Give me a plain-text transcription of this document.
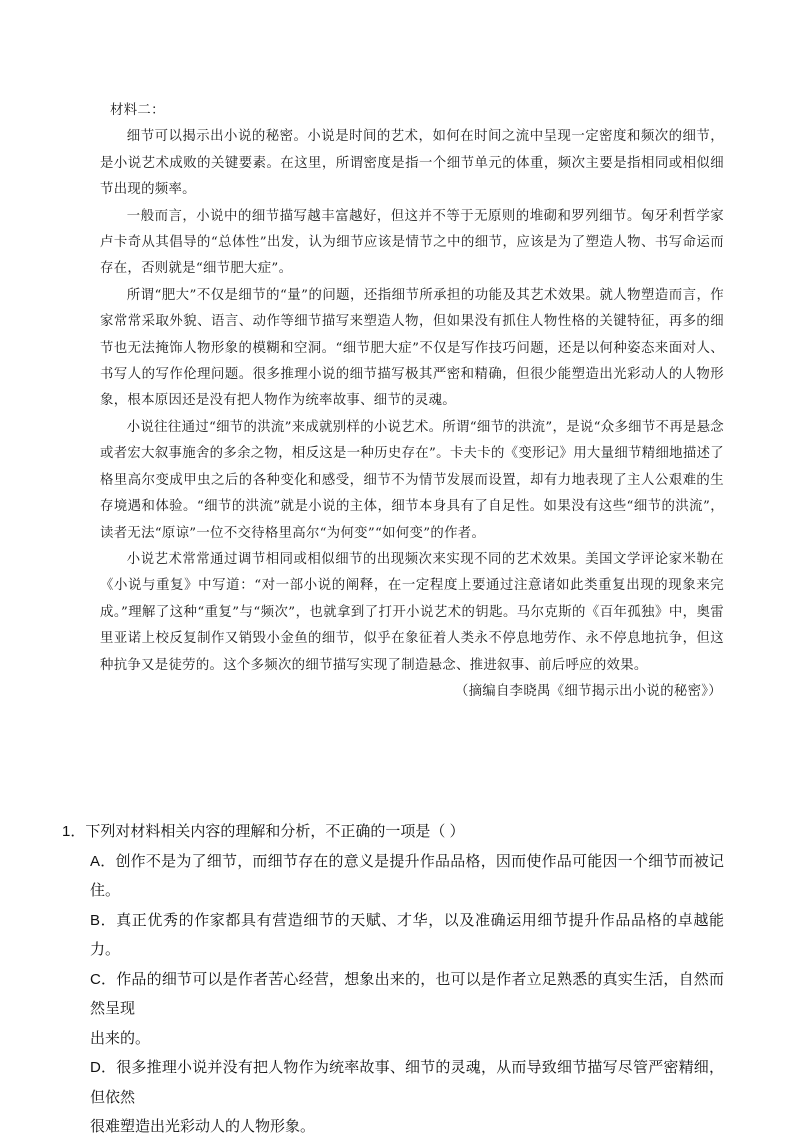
材料二：

细节可以揭示出小说的秘密。小说是时间的艺术，如何在时间之流中呈现一定密度和频次的细节，是小说艺术成败的关键要素。在这里，所谓密度是指一个细节单元的体重，频次主要是指相同或相似细节出现的频率。

一般而言，小说中的细节描写越丰富越好，但这并不等于无原则的堆砌和罗列细节。匈牙利哲学家卢卡奇从其倡导的“总体性”出发，认为细节应该是情节之中的细节，应该是为了塑造人物、书写命运而存在，否则就是“细节肥大症”。

所谓“肥大”不仅是细节的“量”的问题，还指细节所承担的功能及其艺术效果。就人物塑造而言，作家常常采取外貌、语言、动作等细节描写来塑造人物，但如果没有抓住人物性格的关键特征，再多的细节也无法掩饰人物形象的模糊和空洞。“细节肥大症”不仅是写作技巧问题，还是以何种姿态来面对人、书写人的写作伦理问题。很多推理小说的细节描写极其严密和精确，但很少能塑造出光彩动人的人物形象，根本原因还是没有把人物作为统率故事、细节的灵魂。

小说往往通过“细节的洪流”来成就别样的小说艺术。所谓“细节的洪流”，是说“众多细节不再是悬念或者宏大叙事施舍的多余之物，相反这是一种历史存在”。卡夫卡的《变形记》用大量细节精细地描述了格里高尔变成甲虫之后的各种变化和感受，细节不为情节发展而设置，却有力地表现了主人公艰难的生存境遇和体验。“细节的洪流”就是小说的主体，细节本身具有了自足性。如果没有这些“细节的洪流”，读者无法“原谅”一位不交待格里高尔“为何变”“如何变”的作者。

小说艺术常常通过调节相同或相似细节的出现频次来实现不同的艺术效果。美国文学评论家米勒在《小说与重复》中写道：“对一部小说的阐释，在一定程度上要通过注意诸如此类重复出现的现象来完成。”理解了这种“重复”与“频次”，也就拿到了打开小说艺术的钥匙。马尔克斯的《百年孤独》中，奥雷里亚诺上校反复制作又销毁小金鱼的细节，似乎在象征着人类永不停息地劳作、永不停息地抗争，但这种抗争又是徒劳的。这个多频次的细节描写实现了制造悬念、推进叙事、前后呼应的效果。

（摘编自李晓禺《细节揭示出小说的秘密》）

1．下列对材料相关内容的理解和分析，不正确的一项是（ ）

A．创作不是为了细节，而细节存在的意义是提升作品品格，因而使作品可能因一个细节而被记住。

B．真正优秀的作家都具有营造细节的天赋、才华，以及准确运用细节提升作品品格的卓越能力。

C．作品的细节可以是作者苦心经营，想象出来的，也可以是作者立足熟悉的真实生活，自然而然呈现
出来的。

D．很多推理小说并没有把人物作为统率故事、细节的灵魂，从而导致细节描写尽管严密精细，但依然
很难塑造出光彩动人的人物形象。
